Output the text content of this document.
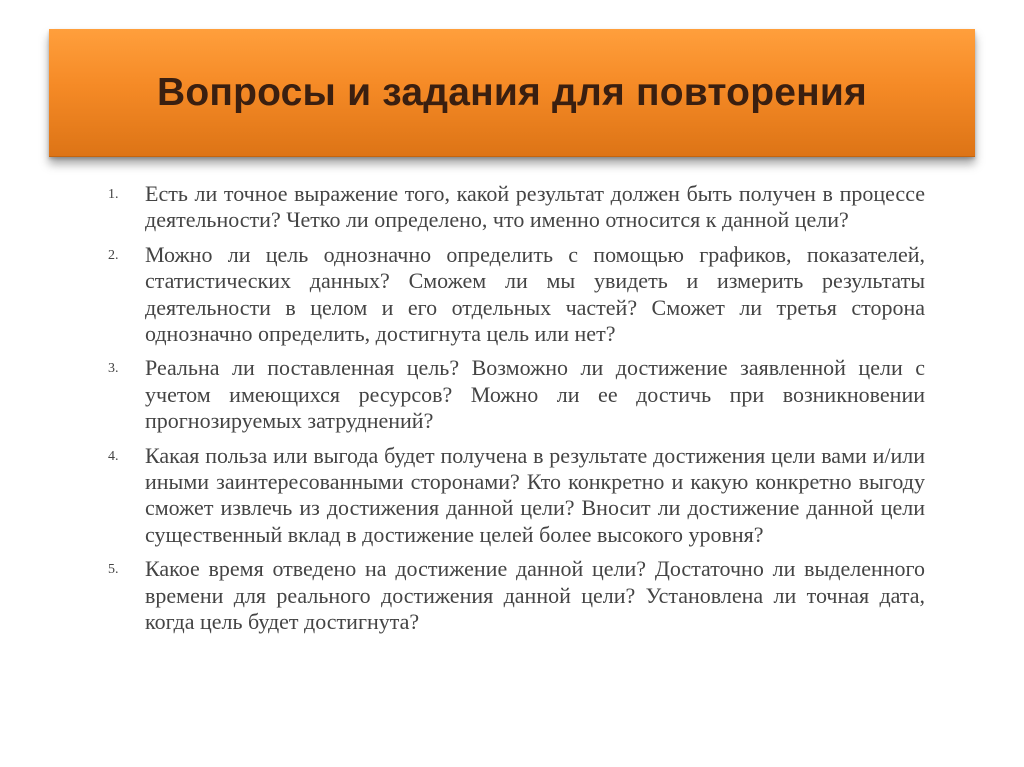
Вопросы и задания для повторения
1. Есть ли точное выражение того, какой результат должен быть получен в процессе деятельности? Четко ли определено, что именно относится к данной цели?

2. Можно ли цель однозначно определить с помощью графиков, показателей, статистических данных? Сможем ли мы увидеть и измерить результаты деятельности в целом и его отдельных частей? Сможет ли третья сторона однозначно определить, достигнута цель или нет?

3. Реальна ли поставленная цель? Возможно ли достижение заявленной цели с учетом имеющихся ресурсов? Можно ли ее достичь при возникновении прогнозируемых затруднений?

4. Какая польза или выгода будет получена в результате достижения цели вами и/или иными заинтересованными сторонами? Кто конкретно и какую конкретно выгоду сможет извлечь из достижения данной цели? Вносит ли достижение данной цели существенный вклад в достижение целей более высокого уровня?

5. Какое время отведено на достижение данной цели? Достаточно ли выделенного времени для реального достижения данной цели? Установлена ли точная дата, когда цель будет достигнута?
